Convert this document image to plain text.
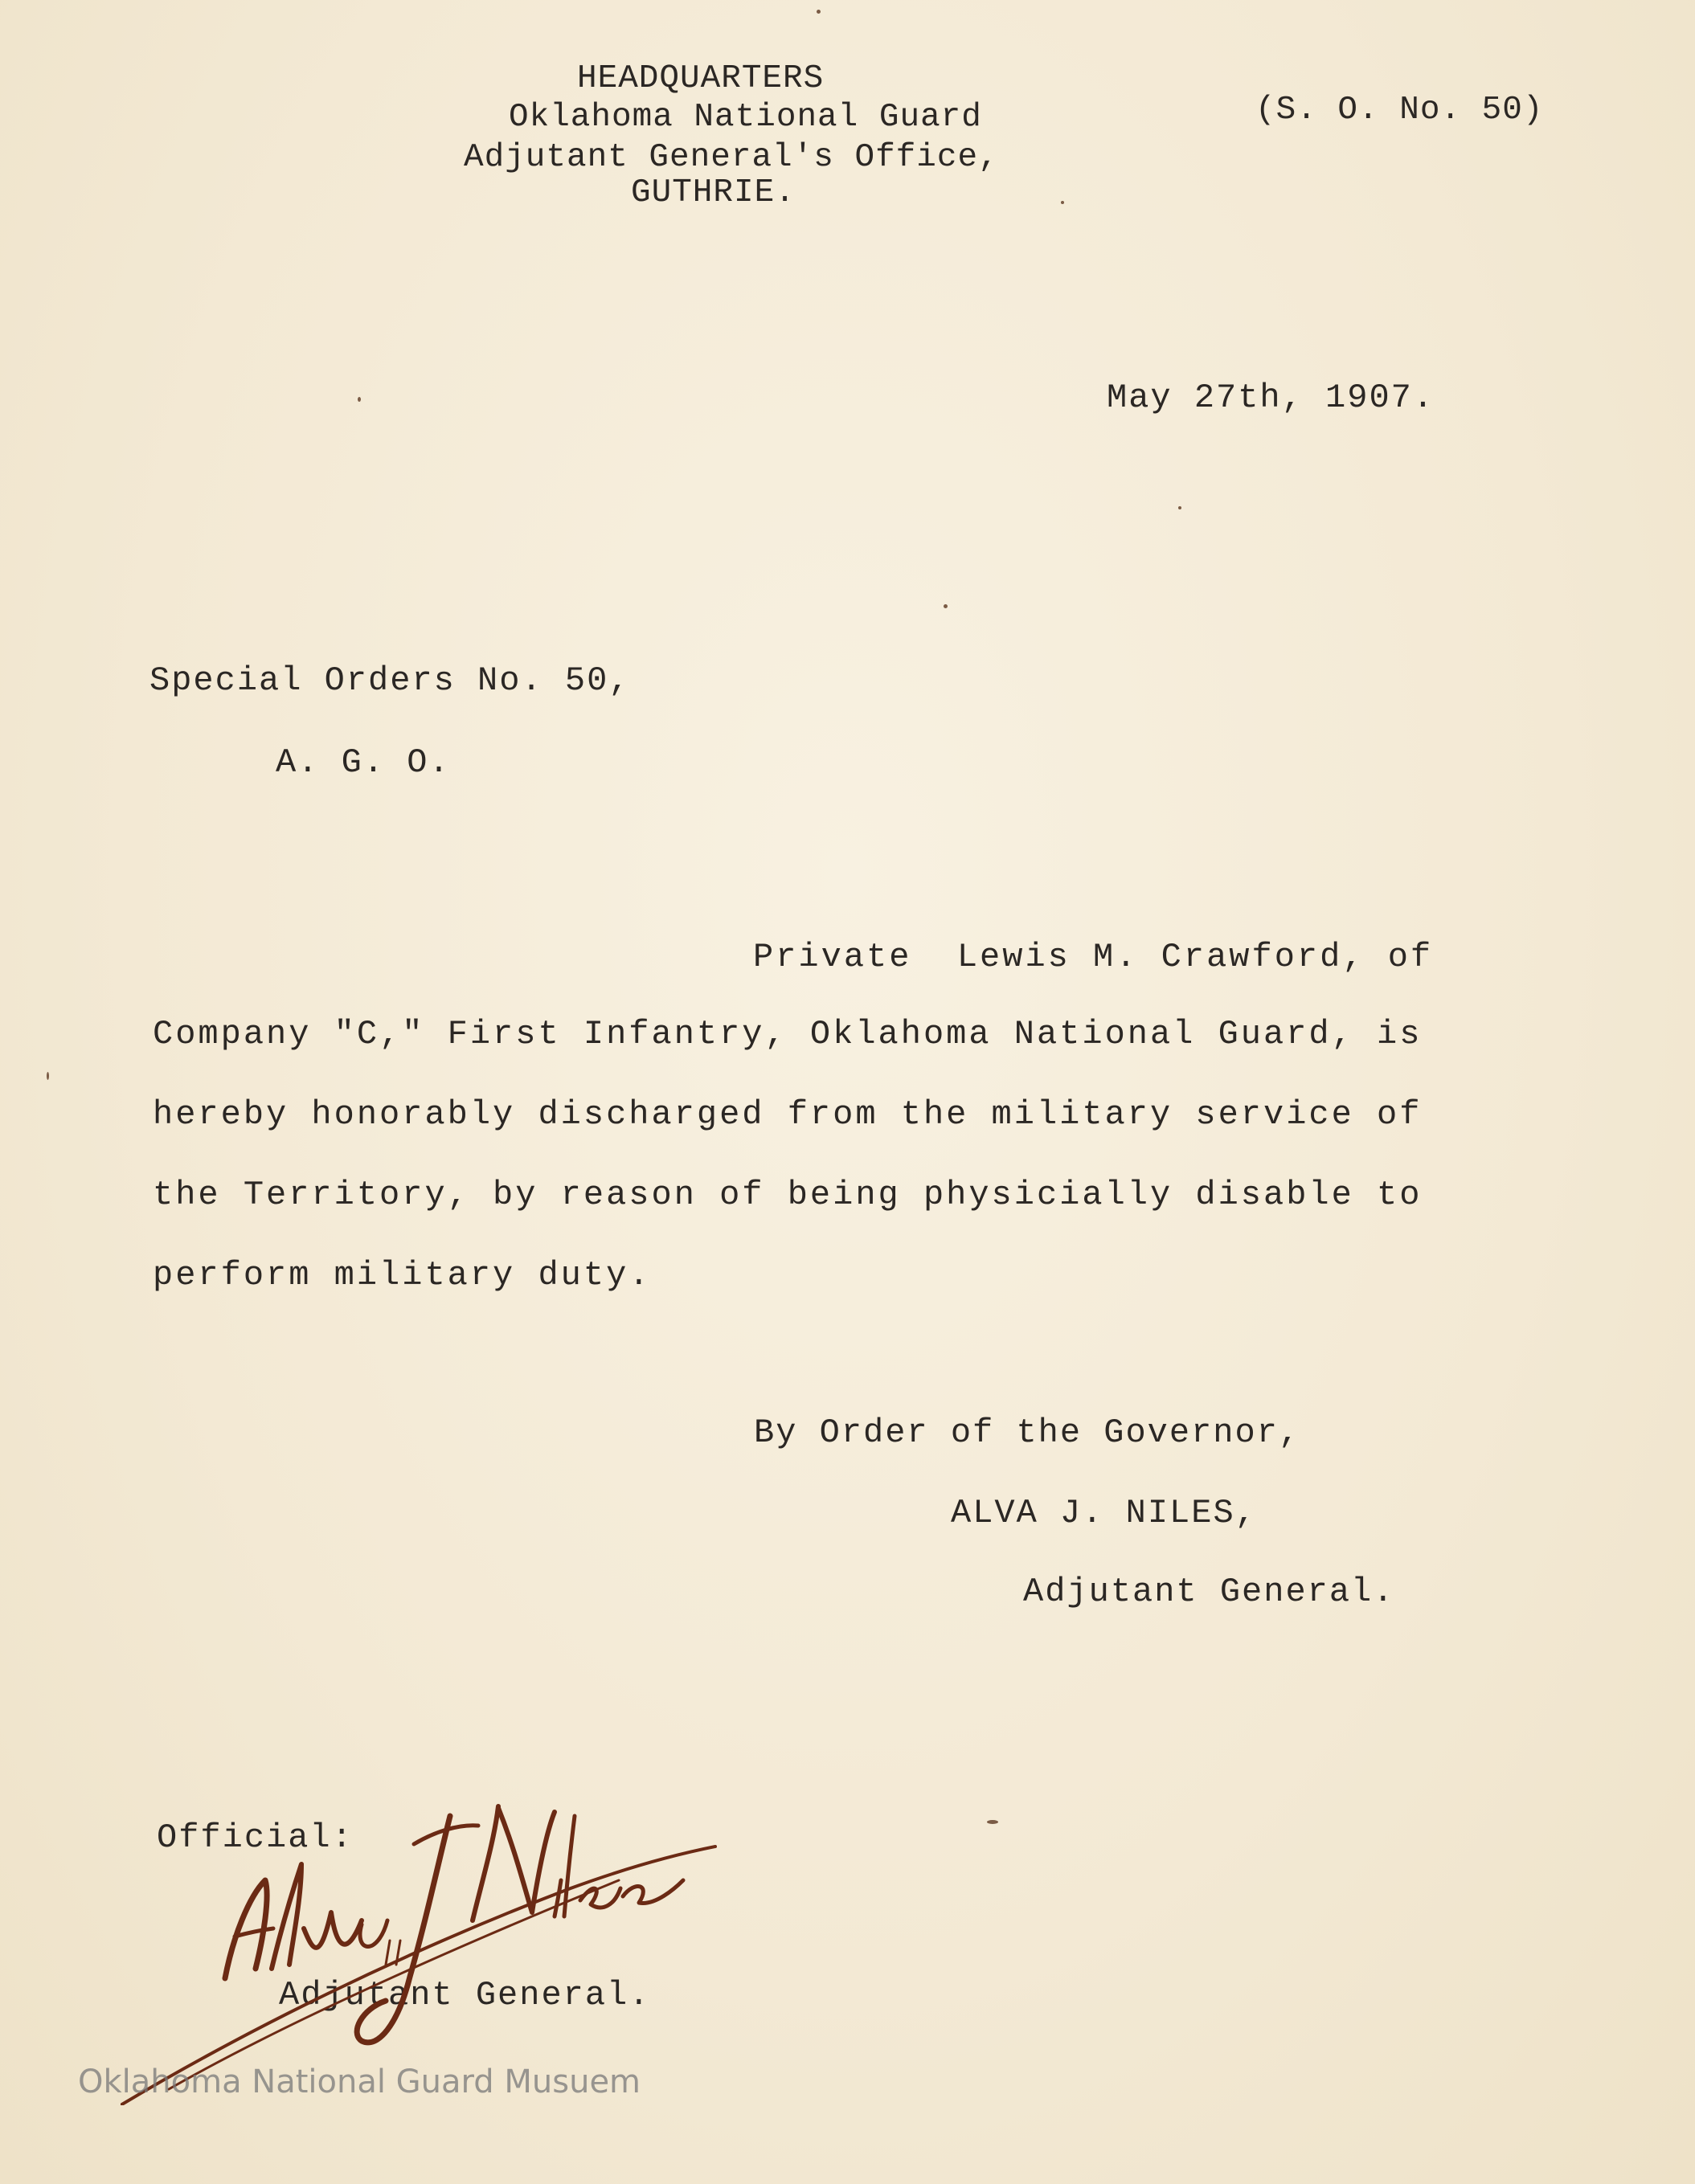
HEADQUARTERS
Oklahoma National Guard
Adjutant General's Office,
GUTHRIE.
(S. O. No. 50)
May 27th, 1907.
Special Orders No. 50,
A. G. O.
Private  Lewis M. Crawford, of
Company "C," First Infantry, Oklahoma National Guard, is
hereby honorably discharged from the military service of
the Territory, by reason of being physicially disable to
perform military duty.
By Order of the Governor,
ALVA J. NILES,
Adjutant General.
Official:
Adjutant General.
Oklahoma National Guard Musuem
